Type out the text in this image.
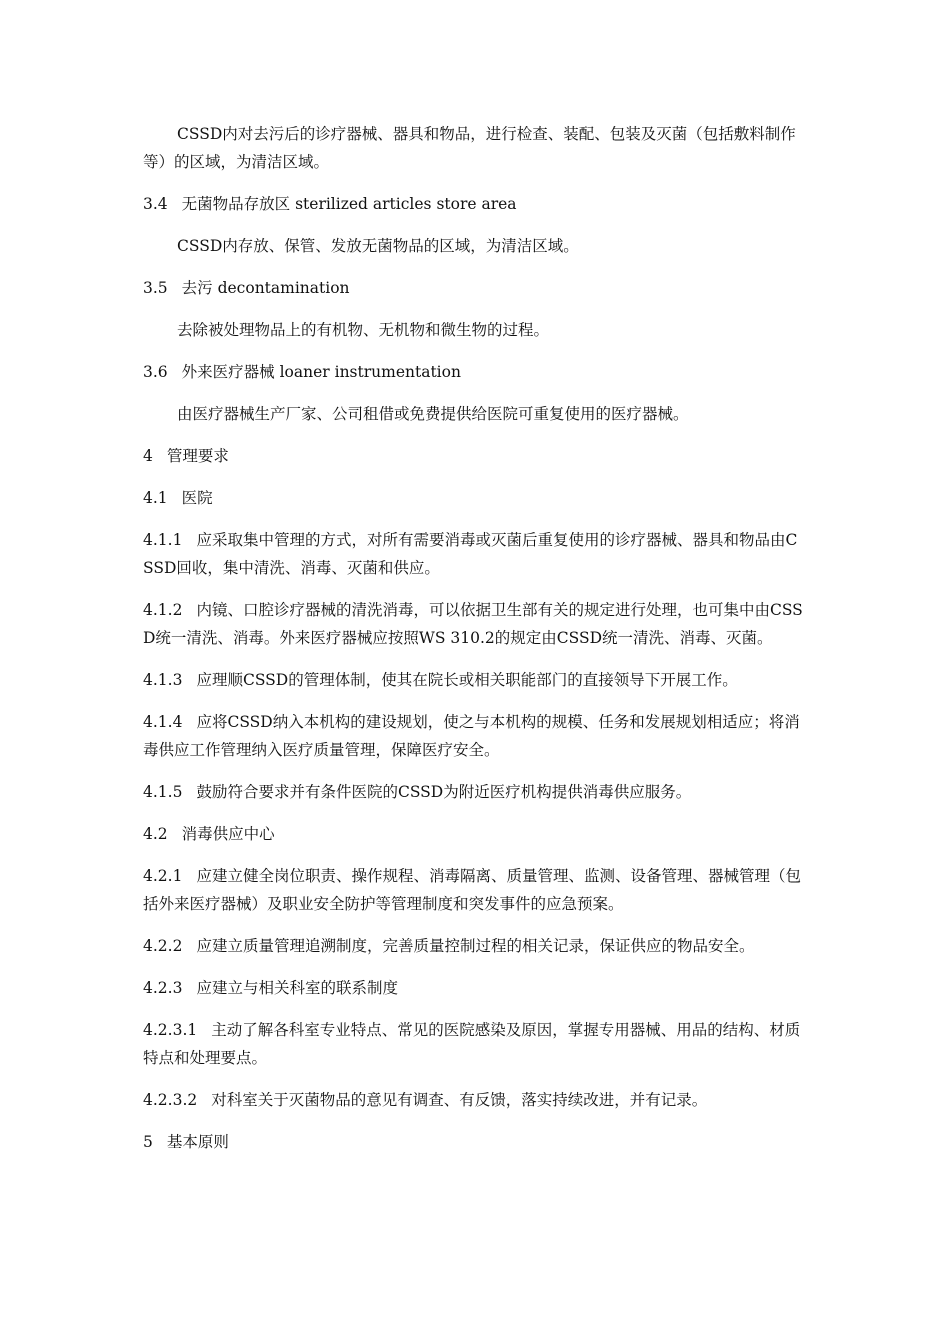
CSSD内对去污后的诊疗器械、器具和物品，进行检查、装配、包装及灭菌（包括敷料制作等）的区域，为清洁区域。

3.4 无菌物品存放区 sterilized articles store area

CSSD内存放、保管、发放无菌物品的区域，为清洁区域。

3.5 去污 decontamination

去除被处理物品上的有机物、无机物和微生物的过程。

3.6 外来医疗器械 loaner instrumentation

由医疗器械生产厂家、公司租借或免费提供给医院可重复使用的医疗器械。

4 管理要求

4.1 医院

4.1.1 应采取集中管理的方式，对所有需要消毒或灭菌后重复使用的诊疗器械、器具和物品由CSSD回收，集中清洗、消毒、灭菌和供应。

4.1.2 内镜、口腔诊疗器械的清洗消毒，可以依据卫生部有关的规定进行处理，也可集中由CSSD统一清洗、消毒。外来医疗器械应按照WS 310.2的规定由CSSD统一清洗、消毒、灭菌。

4.1.3 应理顺CSSD的管理体制，使其在院长或相关职能部门的直接领导下开展工作。

4.1.4 应将CSSD纳入本机构的建设规划，使之与本机构的规模、任务和发展规划相适应；将消毒供应工作管理纳入医疗质量管理，保障医疗安全。

4.1.5 鼓励符合要求并有条件医院的CSSD为附近医疗机构提供消毒供应服务。

4.2 消毒供应中心

4.2.1 应建立健全岗位职责、操作规程、消毒隔离、质量管理、监测、设备管理、器械管理（包括外来医疗器械）及职业安全防护等管理制度和突发事件的应急预案。

4.2.2 应建立质量管理追溯制度，完善质量控制过程的相关记录，保证供应的物品安全。

4.2.3 应建立与相关科室的联系制度

4.2.3.1 主动了解各科室专业特点、常见的医院感染及原因，掌握专用器械、用品的结构、材质特点和处理要点。

4.2.3.2 对科室关于灭菌物品的意见有调查、有反馈，落实持续改进，并有记录。

5 基本原则
